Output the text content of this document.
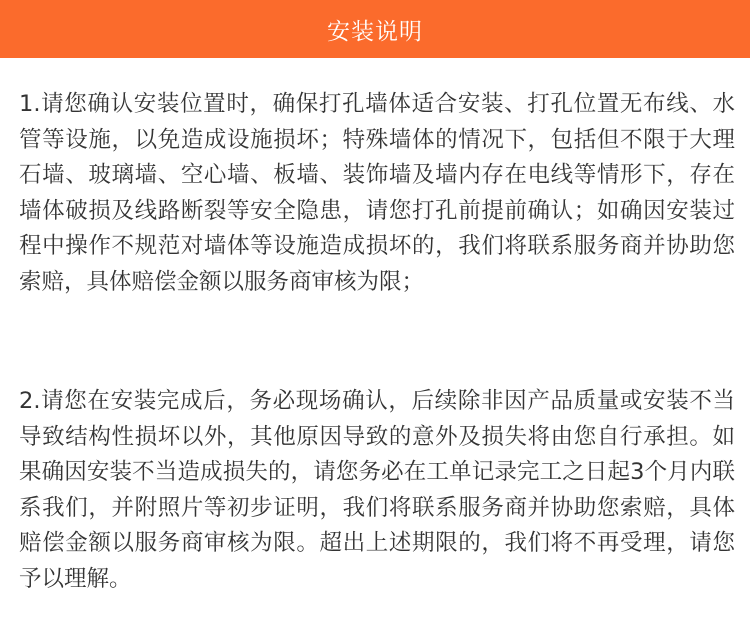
安装说明

1.请您确认安装位置时，确保打孔墙体适合安装、打孔位置无布线、水管等设施，以免造成设施损坏；特殊墙体的情况下，包括但不限于大理石墙、玻璃墙、空心墙、板墙、装饰墙及墙内存在电线等情形下，存在墙体破损及线路断裂等安全隐患，请您打孔前提前确认；如确因安装过程中操作不规范对墙体等设施造成损坏的，我们将联系服务商并协助您索赔，具体赔偿金额以服务商审核为限；

2.请您在安装完成后，务必现场确认，后续除非因产品质量或安装不当导致结构性损坏以外，其他原因导致的意外及损失将由您自行承担。如果确因安装不当造成损失的，请您务必在工单记录完工之日起3个月内联系我们，并附照片等初步证明，我们将联系服务商并协助您索赔，具体赔偿金额以服务商审核为限。超出上述期限的，我们将不再受理，请您予以理解。
